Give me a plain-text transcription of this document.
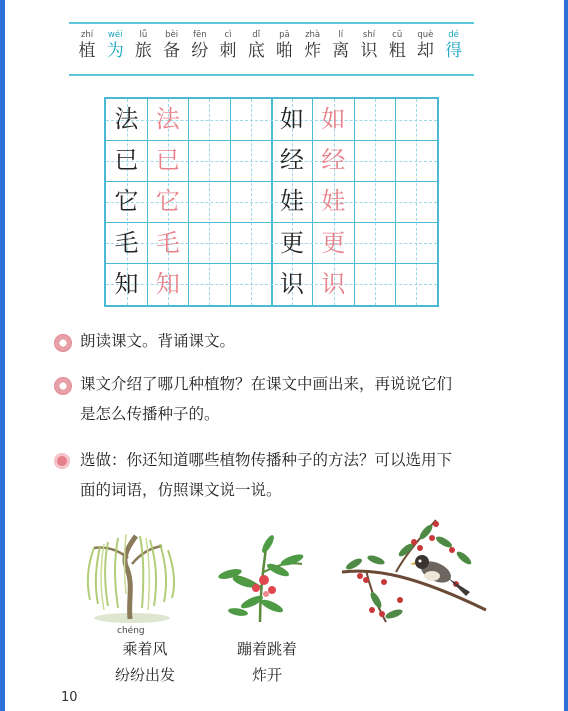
zhí
植
wéi
为
lǚ
旅
bèi
备
fēn
纷
cì
刺
dǐ
底
pā
啪
zhà
炸
lí
离
shí
识
cū
粗
què
却
dé
得
法 法
已 已
它 它
毛 毛
知 知
如 如
经 经
娃 娃
更 更
识 识
朗读课文。背诵课文。
课文介绍了哪几种植物？在课文中画出来，再说说它们
是怎么传播种子的。
选做：你还知道哪些植物传播种子的方法？可以选用下
面的词语，仿照课文说一说。
chéng
乘着风
纷纷出发
蹦着跳着
炸开
10
